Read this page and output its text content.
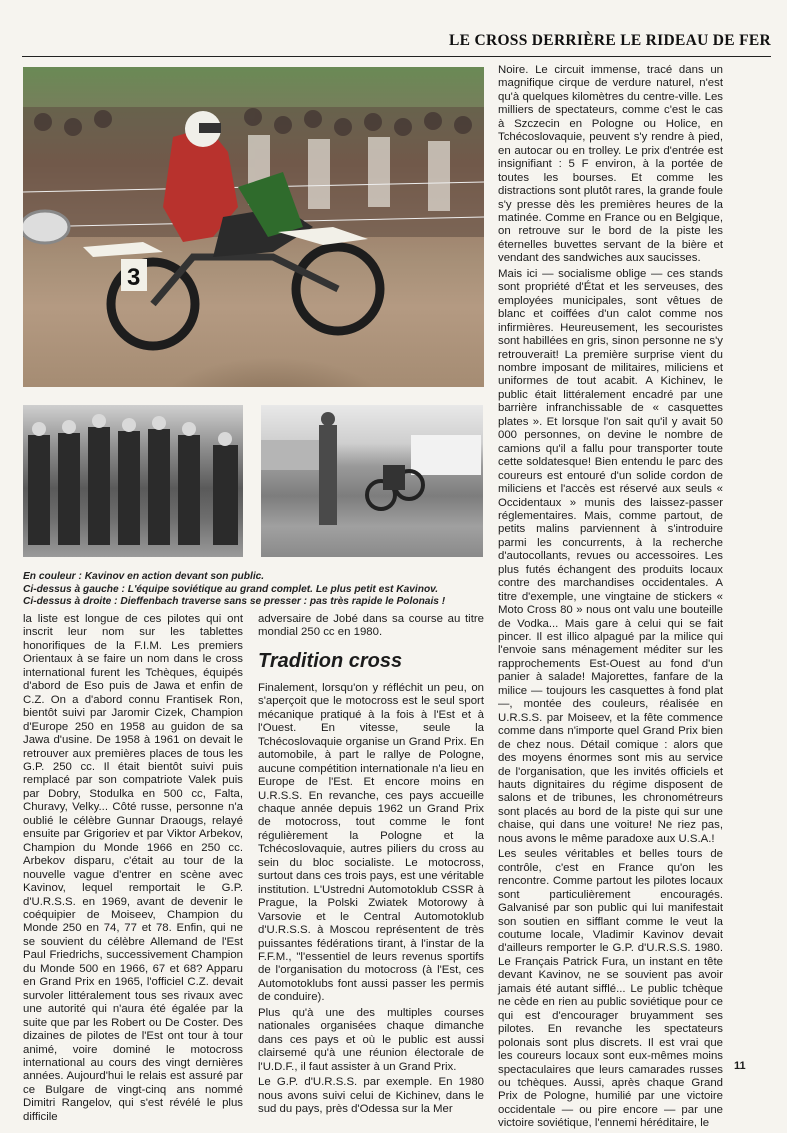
LE CROSS DERRIÈRE LE RIDEAU DE FER
3
En couleur : Kavinov en action devant son public.
Ci-dessus à gauche : L'équipe soviétique au grand complet. Le plus petit est Kavinov.
Ci-dessus à droite : Dieffenbach traverse sans se presser : pas très rapide le Polonais !

la liste est longue de ces pilotes qui ont inscrit leur nom sur les tablettes honorifiques de la F.I.M. Les premiers Orientaux à se faire un nom dans le cross international furent les Tchèques, équipés d'abord de Eso puis de Jawa et enfin de C.Z. On a d'abord connu Frantisek Ron, bientôt suivi par Jaromir Cizek, Champion d'Europe 250 en 1958 au guidon de sa Jawa d'usine. De 1958 à 1961 on devait le retrouver aux premières places de tous les G.P. 250 cc. Il était bientôt suivi puis remplacé par son compatriote Valek puis par Dobry, Stodulka en 500 cc, Falta, Churavy, Velky... Côté russe, personne n'a oublié le célèbre Gunnar Draougs, relayé ensuite par Grigoriev et par Viktor Arbekov, Champion du Monde 1966 en 250 cc. Arbekov disparu, c'était au tour de la nouvelle vague d'entrer en scène avec Kavinov, lequel remportait le G.P. d'U.R.S.S. en 1969, avant de devenir le coéquipier de Moiseev, Champion du Monde 250 en 74, 77 et 78. Enfin, qui ne se souvient du célèbre Allemand de l'Est Paul Friedrichs, successivement Champion du Monde 500 en 1966, 67 et 68? Apparu en Grand Prix en 1965, l'officiel C.Z. devait survoler littéralement tous ses rivaux avec une autorité qui n'aura été égalée par la suite que par les Robert ou De Coster. Des dizaines de pilotes de l'Est ont tour à tour animé, voire dominé le motocross international au cours des vingt dernières années. Aujourd'hui le relais est assuré par ce Bulgare de vingt-cinq ans nommé Dimitri Rangelov, qui s'est révélé le plus difficile

adversaire de Jobé dans sa course au titre mondial 250 cc en 1980.

Tradition cross

Finalement, lorsqu'on y réfléchit un peu, on s'aperçoit que le motocross est le seul sport mécanique pratiqué à la fois à l'Est et à l'Ouest. En vitesse, seule la Tchécoslovaquie organise un Grand Prix. En automobile, à part le rallye de Pologne, aucune compétition internationale n'a lieu en Europe de l'Est. Et encore moins en U.R.S.S. En revanche, ces pays accueille chaque année depuis 1962 un Grand Prix de motocross, tout comme le font régulièrement la Pologne et la Tchécoslovaquie, autres piliers du cross au sein du bloc socialiste. Le motocross, surtout dans ces trois pays, est une véritable institution. L'Ustredni Automotoklub CSSR à Prague, la Polski Zwiatek Motorowy à Varsovie et le Central Automotoklub d'U.R.S.S. à Moscou représentent de très puissantes fédérations tirant, à l'instar de la F.F.M., "l'essentiel de leurs revenus sportifs de l'organisation du motocross (à l'Est, ces Automotoklubs font aussi passer les permis de conduire).

Plus qu'à une des multiples courses nationales organisées chaque dimanche dans ces pays et où le public est aussi clairsemé qu'à une réunion électorale de l'U.D.F., il faut assister à un Grand Prix.

Le G.P. d'U.R.S.S. par exemple. En 1980 nous avons suivi celui de Kichinev, dans le sud du pays, près d'Odessa sur la Mer

Noire. Le circuit immense, tracé dans un magnifique cirque de verdure naturel, n'est qu'à quelques kilomètres du centre-ville. Les milliers de spectateurs, comme c'est le cas à Szczecin en Pologne ou Holice, en Tchécoslovaquie, peuvent s'y rendre à pied, en autocar ou en trolley. Le prix d'entrée est insignifiant : 5 F environ, à la portée de toutes les bourses. Et comme les distractions sont plutôt rares, la grande foule s'y presse dès les premières heures de la matinée. Comme en France ou en Belgique, on retrouve sur le bord de la piste les éternelles buvettes servant de la bière et vendant des sandwiches aux saucisses.

Mais ici — socialisme oblige — ces stands sont propriété d'État et les serveuses, des employées municipales, sont vêtues de blanc et coiffées d'un calot comme nos infirmières. Heureusement, les secouristes sont habillées en gris, sinon personne ne s'y retrouverait! La première surprise vient du nombre imposant de militaires, miliciens et uniformes de tout acabit. A Kichinev, le public était littéralement encadré par une barrière infranchissable de « casquettes plates ». Et lorsque l'on sait qu'il y avait 50 000 personnes, on devine le nombre de camions qu'il a fallu pour transporter toute cette soldatesque! Bien entendu le parc des coureurs est entouré d'un solide cordon de miliciens et l'accès est réservé aux seuls « Occidentaux » munis des laissez-passer réglementaires. Mais, comme partout, de petits malins parviennent à s'introduire parmi les concurrents, à la recherche d'autocollants, revues ou accessoires. Les plus futés échangent des produits locaux contre des marchandises occidentales. A titre d'exemple, une vingtaine de stickers « Moto Cross 80 » nous ont valu une bouteille de Vodka... Mais gare à celui qui se fait pincer. Il est illico alpagué par la milice qui l'envoie sans ménagement méditer sur les rapprochements Est-Ouest au fond d'un panier à salade! Majorettes, fanfare de la milice — toujours les casquettes à fond plat —, montée des couleurs, réalisée en U.R.S.S. par Moiseev, et la fête commence comme dans n'importe quel Grand Prix bien de chez nous. Détail comique : alors que des moyens énormes sont mis au service de l'organisation, que les invités officiels et hauts dignitaires du régime disposent de salons et de tribunes, les chronométreurs sont placés au bord de la piste qui sur une chaise, qui dans une voiture! Ne riez pas, nous avons le même paradoxe aux U.S.A.!

Les seules véritables et belles tours de contrôle, c'est en France qu'on les rencontre. Comme partout les pilotes locaux sont particulièrement encouragés. Galvanisé par son public qui lui manifestait son soutien en sifflant comme le veut la coutume locale, Vladimir Kavinov devait d'ailleurs remporter le G.P. d'U.R.S.S. 1980. Le Français Patrick Fura, un instant en tête devant Kavinov, ne se souvient pas avoir jamais été autant sifflé... Le public tchèque ne cède en rien au public soviétique pour ce qui est d'encourager bruyamment ses pilotes. En revanche les spectateurs polonais sont plus discrets. Il est vrai que les coureurs locaux sont eux-mêmes moins spectaculaires que leurs camarades russes ou tchèques. Aussi, après chaque Grand Prix de Pologne, humilié par une victoire occidentale — ou pire encore — par une victoire soviétique, l'ennemi héréditaire, le

11
